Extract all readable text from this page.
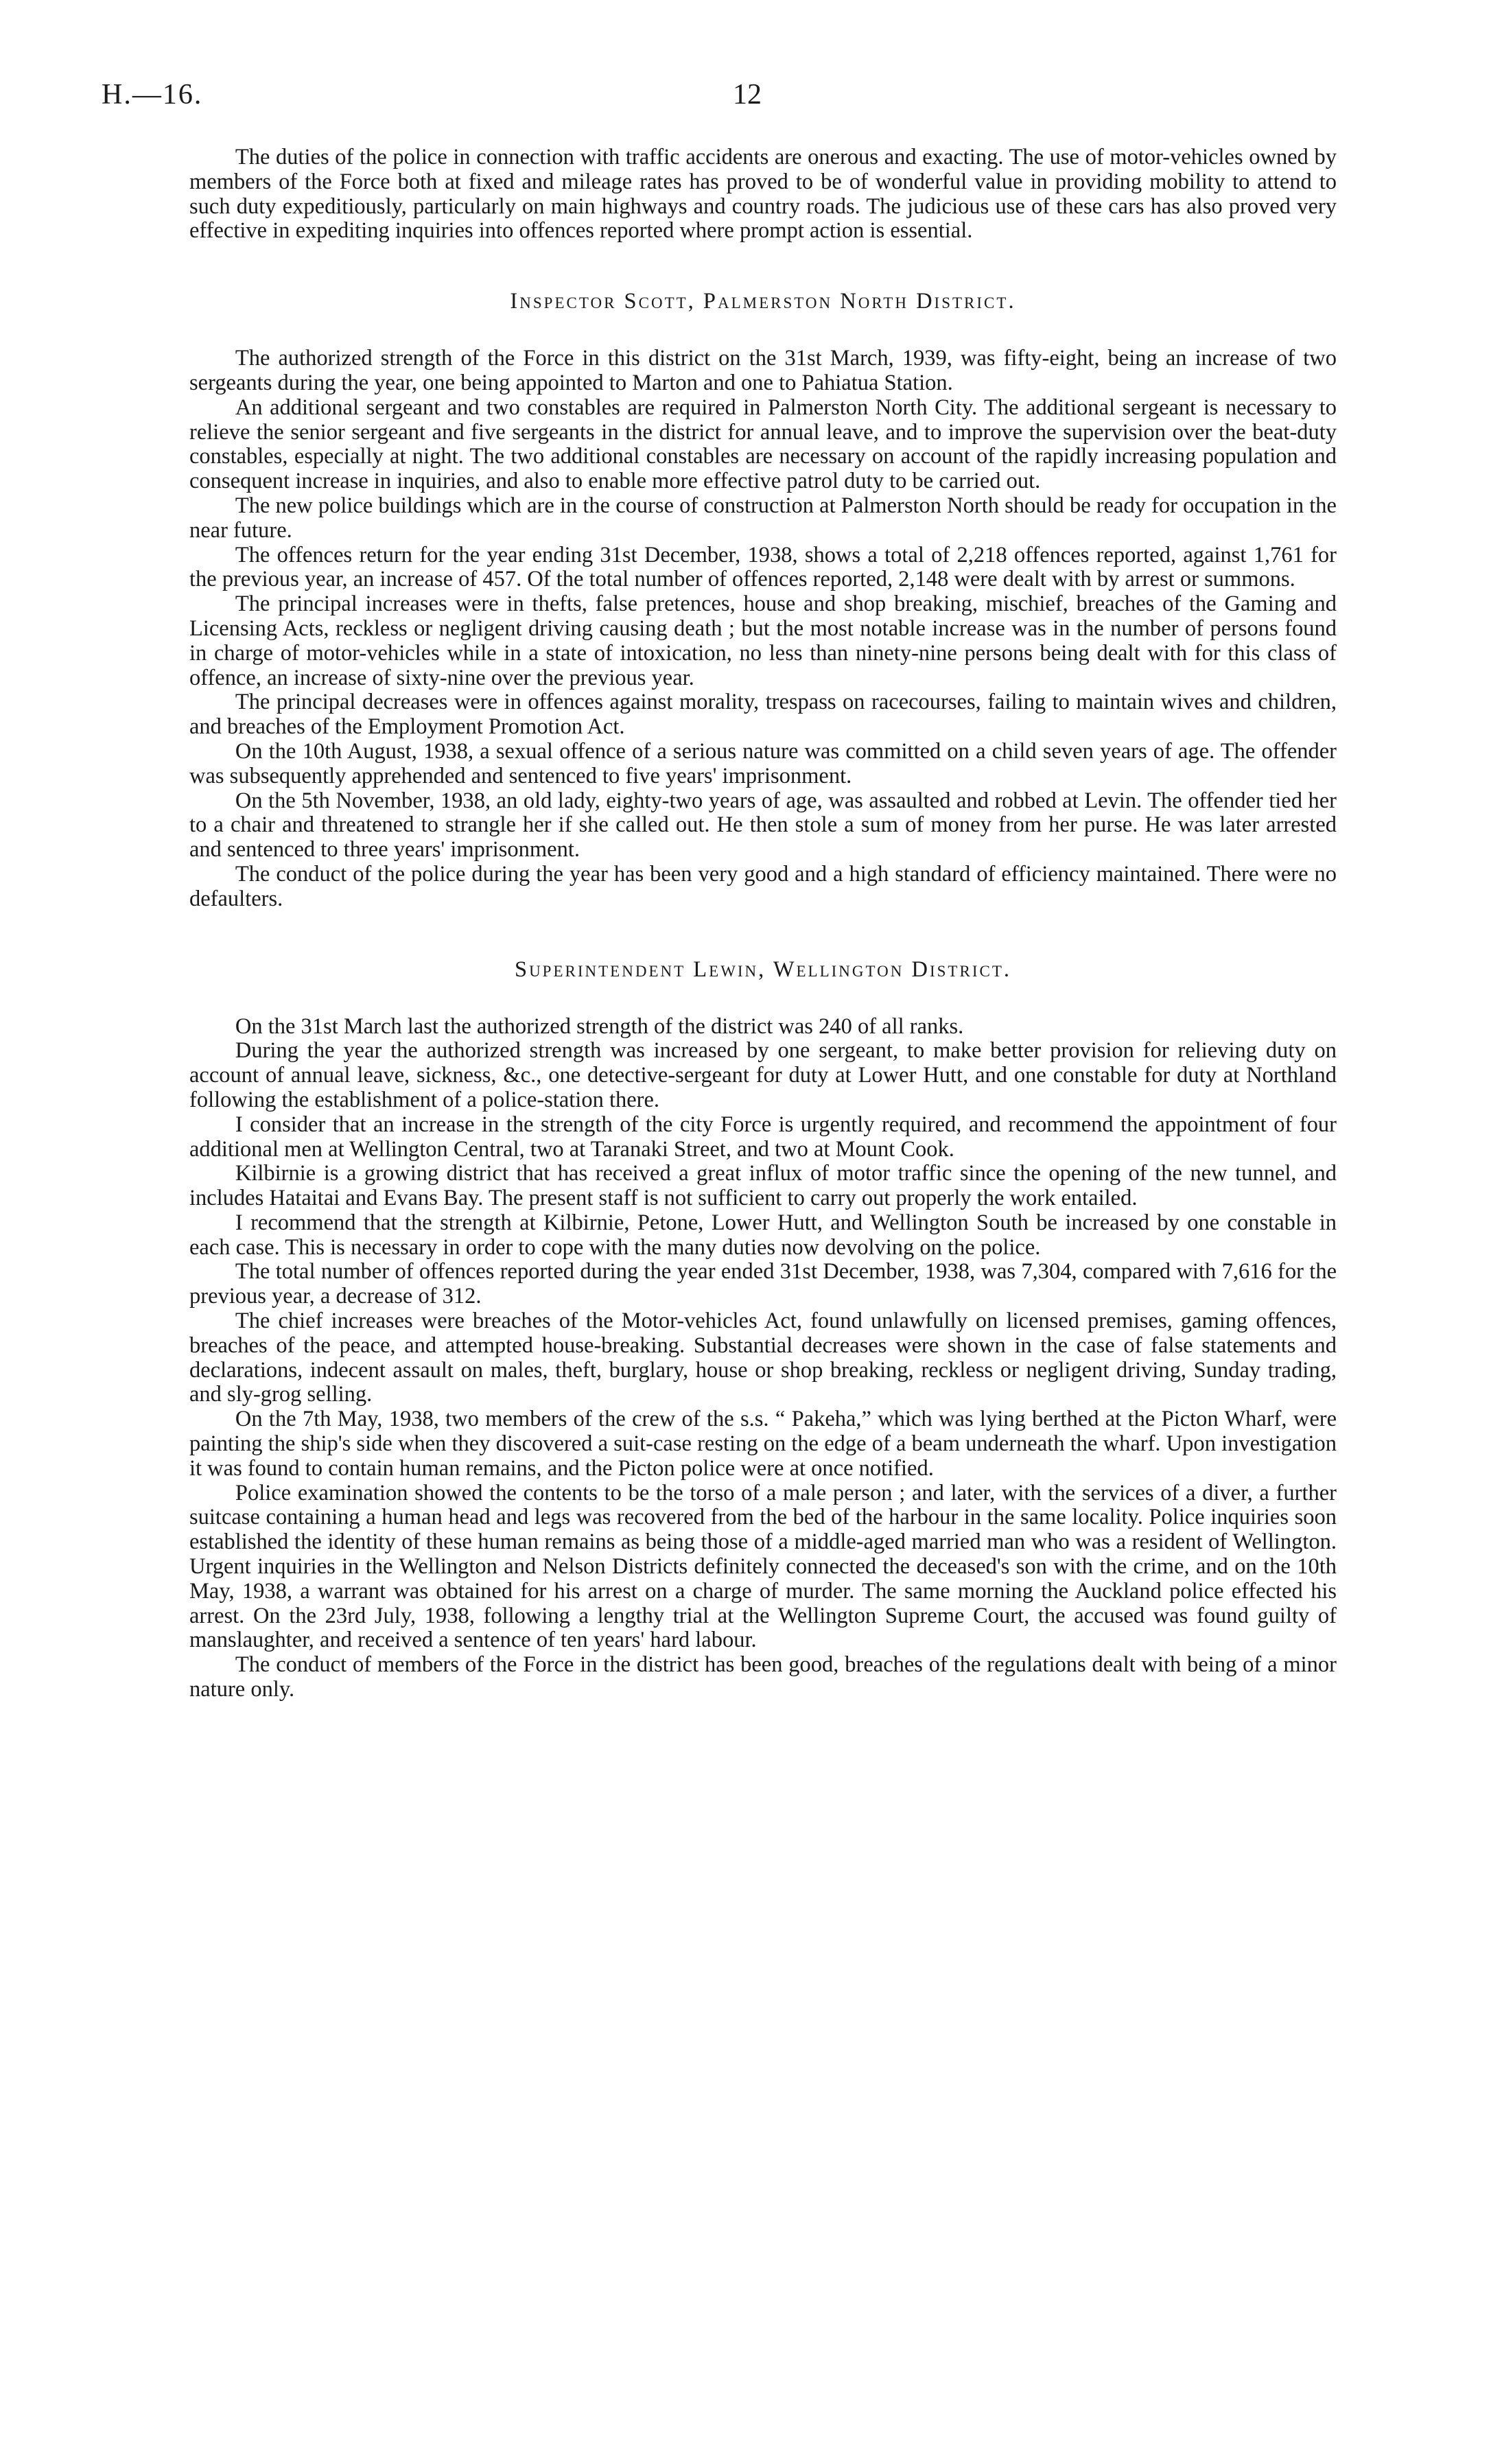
H.—16.	12

The duties of the police in connection with traffic accidents are onerous and exacting. The use of motor-vehicles owned by members of the Force both at fixed and mileage rates has proved to be of wonderful value in providing mobility to attend to such duty expeditiously, particularly on main highways and country roads. The judicious use of these cars has also proved very effective in expediting inquiries into offences reported where prompt action is essential.

Inspector Scott, Palmerston North District.

The authorized strength of the Force in this district on the 31st March, 1939, was fifty-eight, being an increase of two sergeants during the year, one being appointed to Marton and one to Pahiatua Station.

An additional sergeant and two constables are required in Palmerston North City. The additional sergeant is necessary to relieve the senior sergeant and five sergeants in the district for annual leave, and to improve the supervision over the beat-duty constables, especially at night. The two additional constables are necessary on account of the rapidly increasing population and consequent increase in inquiries, and also to enable more effective patrol duty to be carried out.

The new police buildings which are in the course of construction at Palmerston North should be ready for occupation in the near future.

The offences return for the year ending 31st December, 1938, shows a total of 2,218 offences reported, against 1,761 for the previous year, an increase of 457. Of the total number of offences reported, 2,148 were dealt with by arrest or summons.

The principal increases were in thefts, false pretences, house and shop breaking, mischief, breaches of the Gaming and Licensing Acts, reckless or negligent driving causing death ; but the most notable increase was in the number of persons found in charge of motor-vehicles while in a state of intoxication, no less than ninety-nine persons being dealt with for this class of offence, an increase of sixty-nine over the previous year.

The principal decreases were in offences against morality, trespass on racecourses, failing to maintain wives and children, and breaches of the Employment Promotion Act.

On the 10th August, 1938, a sexual offence of a serious nature was committed on a child seven years of age. The offender was subsequently apprehended and sentenced to five years' imprisonment.

On the 5th November, 1938, an old lady, eighty-two years of age, was assaulted and robbed at Levin. The offender tied her to a chair and threatened to strangle her if she called out. He then stole a sum of money from her purse. He was later arrested and sentenced to three years' imprisonment.

The conduct of the police during the year has been very good and a high standard of efficiency maintained. There were no defaulters.

Superintendent Lewin, Wellington District.

On the 31st March last the authorized strength of the district was 240 of all ranks.

During the year the authorized strength was increased by one sergeant, to make better provision for relieving duty on account of annual leave, sickness, &c., one detective-sergeant for duty at Lower Hutt, and one constable for duty at Northland following the establishment of a police-station there.

I consider that an increase in the strength of the city Force is urgently required, and recommend the appointment of four additional men at Wellington Central, two at Taranaki Street, and two at Mount Cook.

Kilbirnie is a growing district that has received a great influx of motor traffic since the opening of the new tunnel, and includes Hataitai and Evans Bay. The present staff is not sufficient to carry out properly the work entailed.

I recommend that the strength at Kilbirnie, Petone, Lower Hutt, and Wellington South be increased by one constable in each case. This is necessary in order to cope with the many duties now devolving on the police.

The total number of offences reported during the year ended 31st December, 1938, was 7,304, compared with 7,616 for the previous year, a decrease of 312.

The chief increases were breaches of the Motor-vehicles Act, found unlawfully on licensed premises, gaming offences, breaches of the peace, and attempted house-breaking. Substantial decreases were shown in the case of false statements and declarations, indecent assault on males, theft, burglary, house or shop breaking, reckless or negligent driving, Sunday trading, and sly-grog selling.

On the 7th May, 1938, two members of the crew of the s.s. “ Pakeha,” which was lying berthed at the Picton Wharf, were painting the ship's side when they discovered a suit-case resting on the edge of a beam underneath the wharf. Upon investigation it was found to contain human remains, and the Picton police were at once notified.

Police examination showed the contents to be the torso of a male person ; and later, with the services of a diver, a further suitcase containing a human head and legs was recovered from the bed of the harbour in the same locality. Police inquiries soon established the identity of these human remains as being those of a middle-aged married man who was a resident of Wellington. Urgent inquiries in the Wellington and Nelson Districts definitely connected the deceased's son with the crime, and on the 10th May, 1938, a warrant was obtained for his arrest on a charge of murder. The same morning the Auckland police effected his arrest. On the 23rd July, 1938, following a lengthy trial at the Wellington Supreme Court, the accused was found guilty of manslaughter, and received a sentence of ten years' hard labour.

The conduct of members of the Force in the district has been good, breaches of the regulations dealt with being of a minor nature only.
